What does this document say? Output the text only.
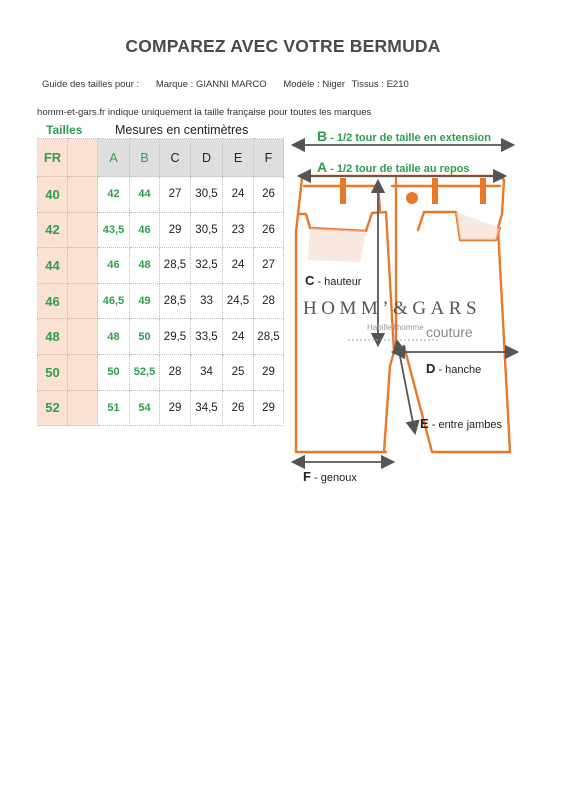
COMPAREZ AVEC VOTRE BERMUDA
Guide des tailles pour : Marque : GIANNI MARCO Modèle : Niger Tissus : E210
homm-et-gars.fr indique uniquement la taille française pour toutes les marques
Tailles	Mesures en centimètres
FR		A	B	C	D	E	F
40		42	44	27	30,5	24	26
42		43,5	46	29	30,5	23	26
44		46	48	28,5	32,5	24	27
46		46,5	49	28,5	33	24,5	28
48		48	50	29,5	33,5	24	28,5
50		50	52,5	28	34	25	29
52		51	54	29	34,5	26	29
B - 1/2 tour de taille en extension
A - 1/2 tour de taille au repos
C - hauteur
D - hanche
E - entre jambes
F - genoux
HOMM’&GARS
Habille l'homme couture
